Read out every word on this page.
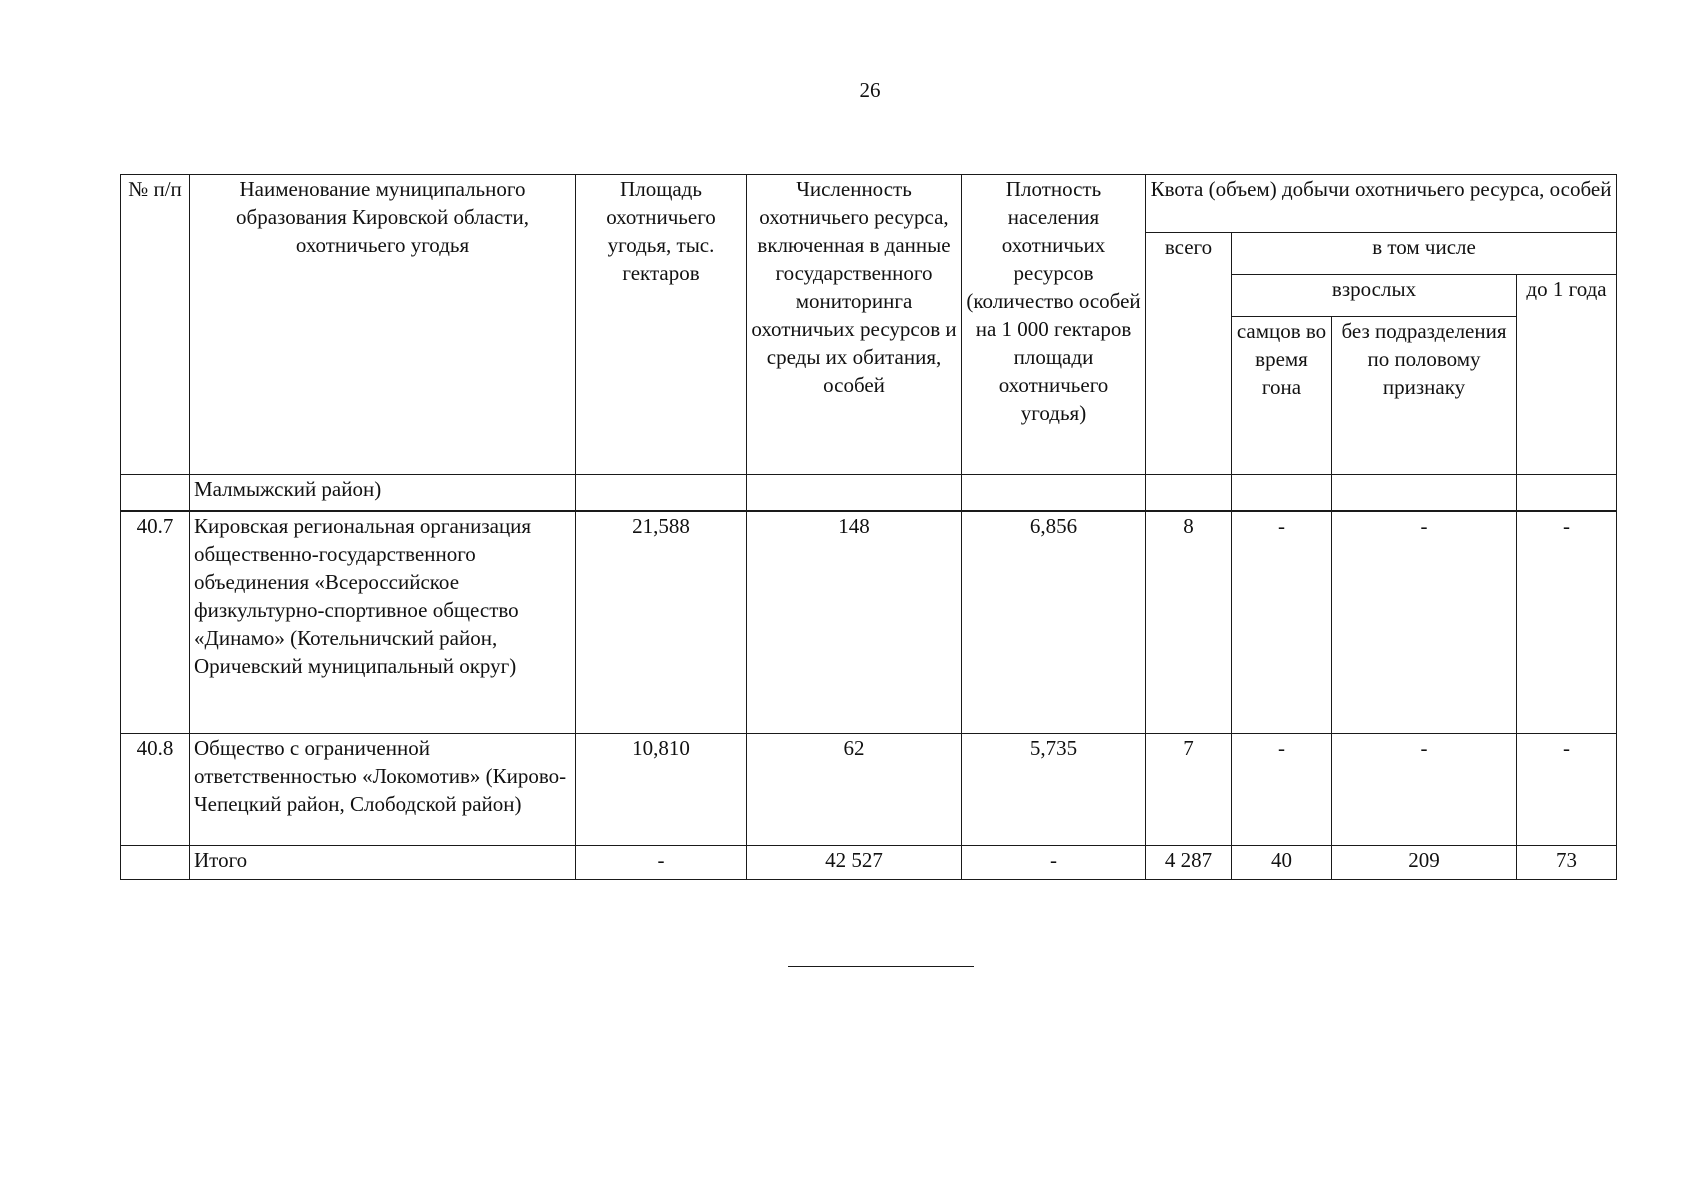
26
№ п/п	Наименование муниципального образования Кировской области, охотничьего угодья	Площадь охотничьего угодья, тыс. гектаров	Численность охотничьего ресурса, включенная в данные государственного мониторинга охотничьих ресурсов и среды их обитания, особей	Плотность населения охотничьих ресурсов (количество особей на 1 000 гектаров площади охотничьего угодья)	Квота (объем) добычи охотничьего ресурса, особей			
					всего	в том числе		
						взрослых		до 1 года
						самцов во время гона	без подразделения по половому признаку	
	Малмыжский район)							
40.7	Кировская региональная организация общественно-государственного объединения «Всероссийское физкультурно-спортивное общество «Динамо» (Котельничский район, Оричевский муниципальный округ)	21,588	148	6,856	8	-	-	-
40.8	Общество с ограниченной ответственностью «Локомотив» (Кирово-Чепецкий район, Слободской район)	10,810	62	5,735	7	-	-	-
	Итого	-	42 527	-	4 287	40	209	73
